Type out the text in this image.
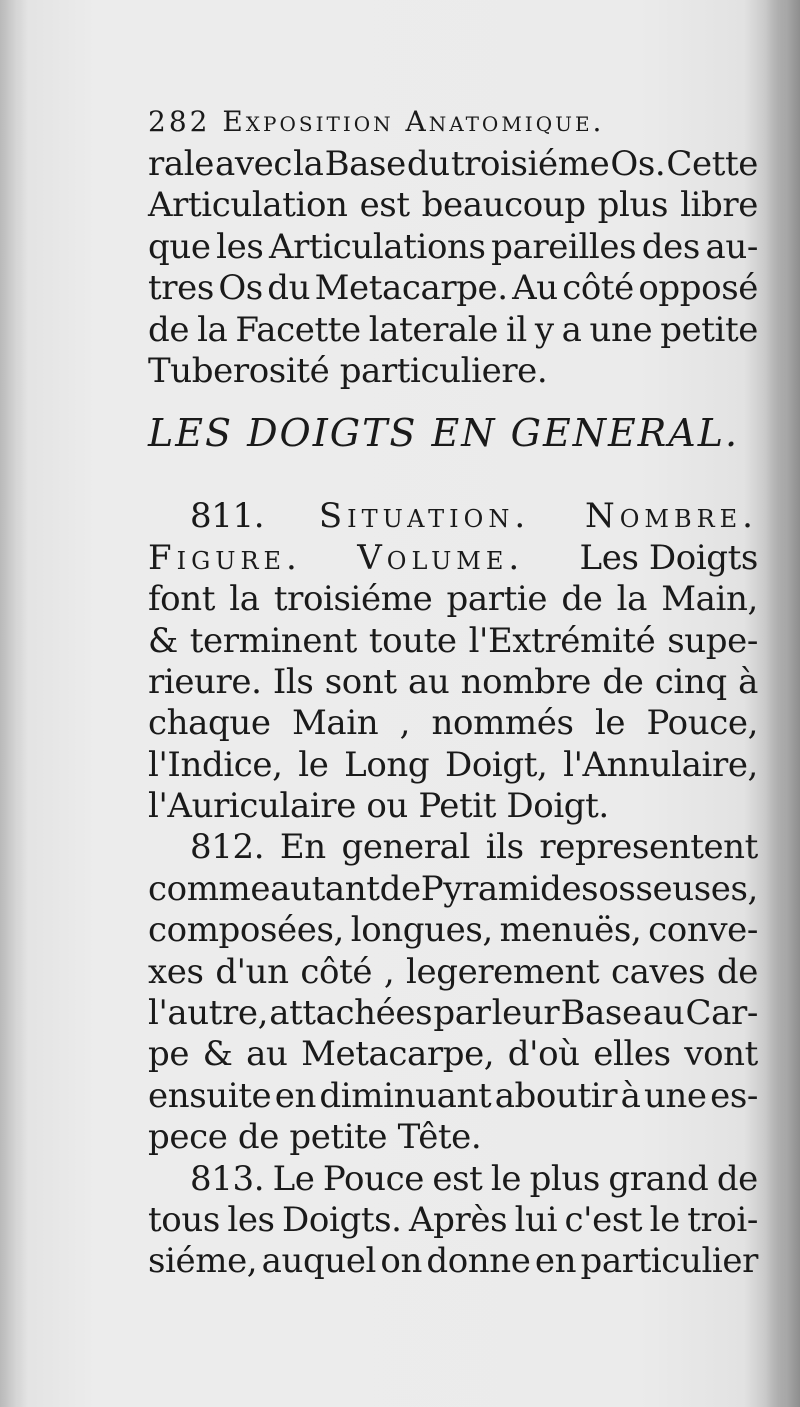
282 Exposition Anatomique.
rale avec la Base du troisiéme Os. Cette
Articulation est beaucoup plus libre
que les Articulations pareilles des au-
tres Os du Metacarpe. Au côté opposé
de la Facette laterale il y a une petite
Tuberosité particuliere.
LES DOIGTS EN GENERAL.
811. Situation. Nombre.
Figure. Volume. Les Doigts
font la troisiéme partie de la Main,
& terminent toute l'Extrémité supe-
rieure. Ils sont au nombre de cinq à
chaque Main , nommés le Pouce,
l'Indice, le Long Doigt, l'Annulaire,
l'Auriculaire ou Petit Doigt.
812. En general ils representent
comme autant de Pyramides osseuses,
composées, longues, menuës, conve-
xes d'un côté , legerement caves de
l'autre, attachées par leur Base au Car-
pe & au Metacarpe, d'où elles vont
ensuite en diminuant aboutir à une es-
pece de petite Tête.
813. Le Pouce est le plus grand de
tous les Doigts. Après lui c'est le troi-
siéme, auquel on donne en particulier
